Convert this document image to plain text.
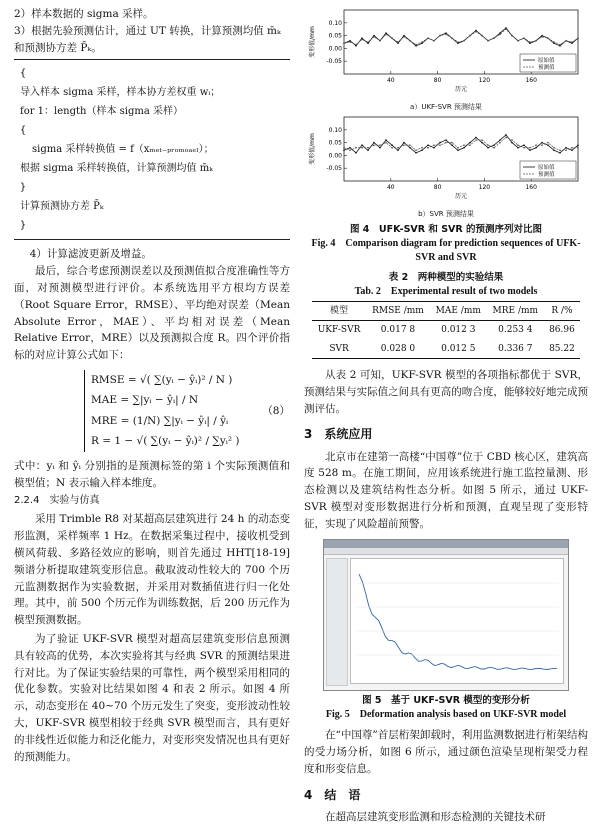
2）样本数据的 sigma 采样。

3）根据先验预测估计，通过 UT 转换，计算预测均值 m̄ₖ 和预测协方差 P̄ₖ。

{
导入样本 sigma 采样，样本协方差权重 wᵢ；
for 1：length（样本 sigma 采样）
{
sigma 采样转换值 = f（xₘₑₜ₋ₚᵣₒₘₒₐₑₗ）；
根据 sigma 采样转换值，计算预测均值 m̄ₖ
}
计算预测协方差 P̄ₖ
}

4）计算滤波更新及增益。

最后，综合考虑预测误差以及预测值拟合度准确性等方面，对预测模型进行评价。本系统选用平方根均方误差（Root Square Error，RMSE）、平均绝对误差（Mean Absolute Error，MAE）、平均相对误差（Mean Relative Error，MRE）以及预测拟合度 R。四个评价指标的对应计算公式如下：

RMSE = √( ∑(yᵢ − ŷᵢ)² / N )
MAE = ∑|yᵢ − ŷᵢ| / N
MRE = (1/N) ∑|yᵢ − ŷᵢ| / ŷᵢ
R = 1 − √( ∑(yᵢ − ŷᵢ)² / ∑yᵢ² )
（8）

式中：yᵢ 和 ŷᵢ 分别指的是预测标签的第 i 个实际预测值和模型值；N 表示输入样本维度。

2.2.4　实验与仿真

采用 Trimble R8 对某超高层建筑进行 24 h 的动态变形监测，采样频率 1 Hz。在数据采集过程中，接收机受到横风荷载、多路径效应的影响，则首先通过 HHT[18-19] 频谱分析提取建筑变形信息。截取波动性较大的 700 个历元监测数据作为实验数据，并采用对数插值进行归一化处理。其中，前 500 个历元作为训练数据，后 200 历元作为模型预测数据。

为了验证 UKF-SVR 模型对超高层建筑变形信息预测具有较高的优势，本次实验将其与经典 SVR 的预测结果进行对比。为了保证实验结果的可靠性，两个模型采用相同的优化参数。实验对比结果如图 4 和表 2 所示。如图 4 所示，动态变形在 40~70 个历元发生了突变，变形波动性较大，UKF-SVR 模型相较于经典 SVR 模型而言，具有更好的非线性近似能力和泛化能力，对变形突发情况也具有更好的预测能力。

-0.05
0.00
0.05
0.10
40	80	120	160
变形值/mm
历元
原始值
预测值
a）UKF-SVR 预测结果
-0.05
0.00
0.05
0.10
40	80	120	160
变形值/mm
历元
原始值
预测值
b）SVR 预测结果
图 4　UFK-SVR 和 SVR 的预测序列对比图
Fig. 4　Comparison diagram for prediction sequences of UFK-SVR and SVR
表 2　两种模型的实验结果
Tab. 2　Experimental result of two models
模型	RMSE /mm	MAE /mm	MRE /mm	R /%
UKF-SVR	0.017 8	0.012 3	0.253 4	86.96
SVR	0.028 0	0.012 5	0.336 7	85.22

从表 2 可知，UKF-SVR 模型的各项指标都优于 SVR，预测结果与实际值之间具有更高的吻合度，能够较好地完成预测评估。

3　系统应用

北京市在建第一高楼“中国尊”位于 CBD 核心区，建筑高度 528 m。在施工期间，应用该系统进行施工监控量测、形态检测以及建筑结构性态分析。如图 5 所示，通过 UKF-SVR 模型对变形数据进行分析和预测，直观呈现了变形特征，实现了风险超前预警。

图 5　基于 UKF-SVR 模型的变形分析
Fig. 5　Deformation analysis based on UKF-SVR model

在“中国尊”首层桁架卸载时，利用监测数据进行桁架结构的受力场分析，如图 6 所示，通过颜色渲染呈现桁架受力程度和形变信息。

4　结　语

在超高层建筑变形监测和形态检测的关键技术研
